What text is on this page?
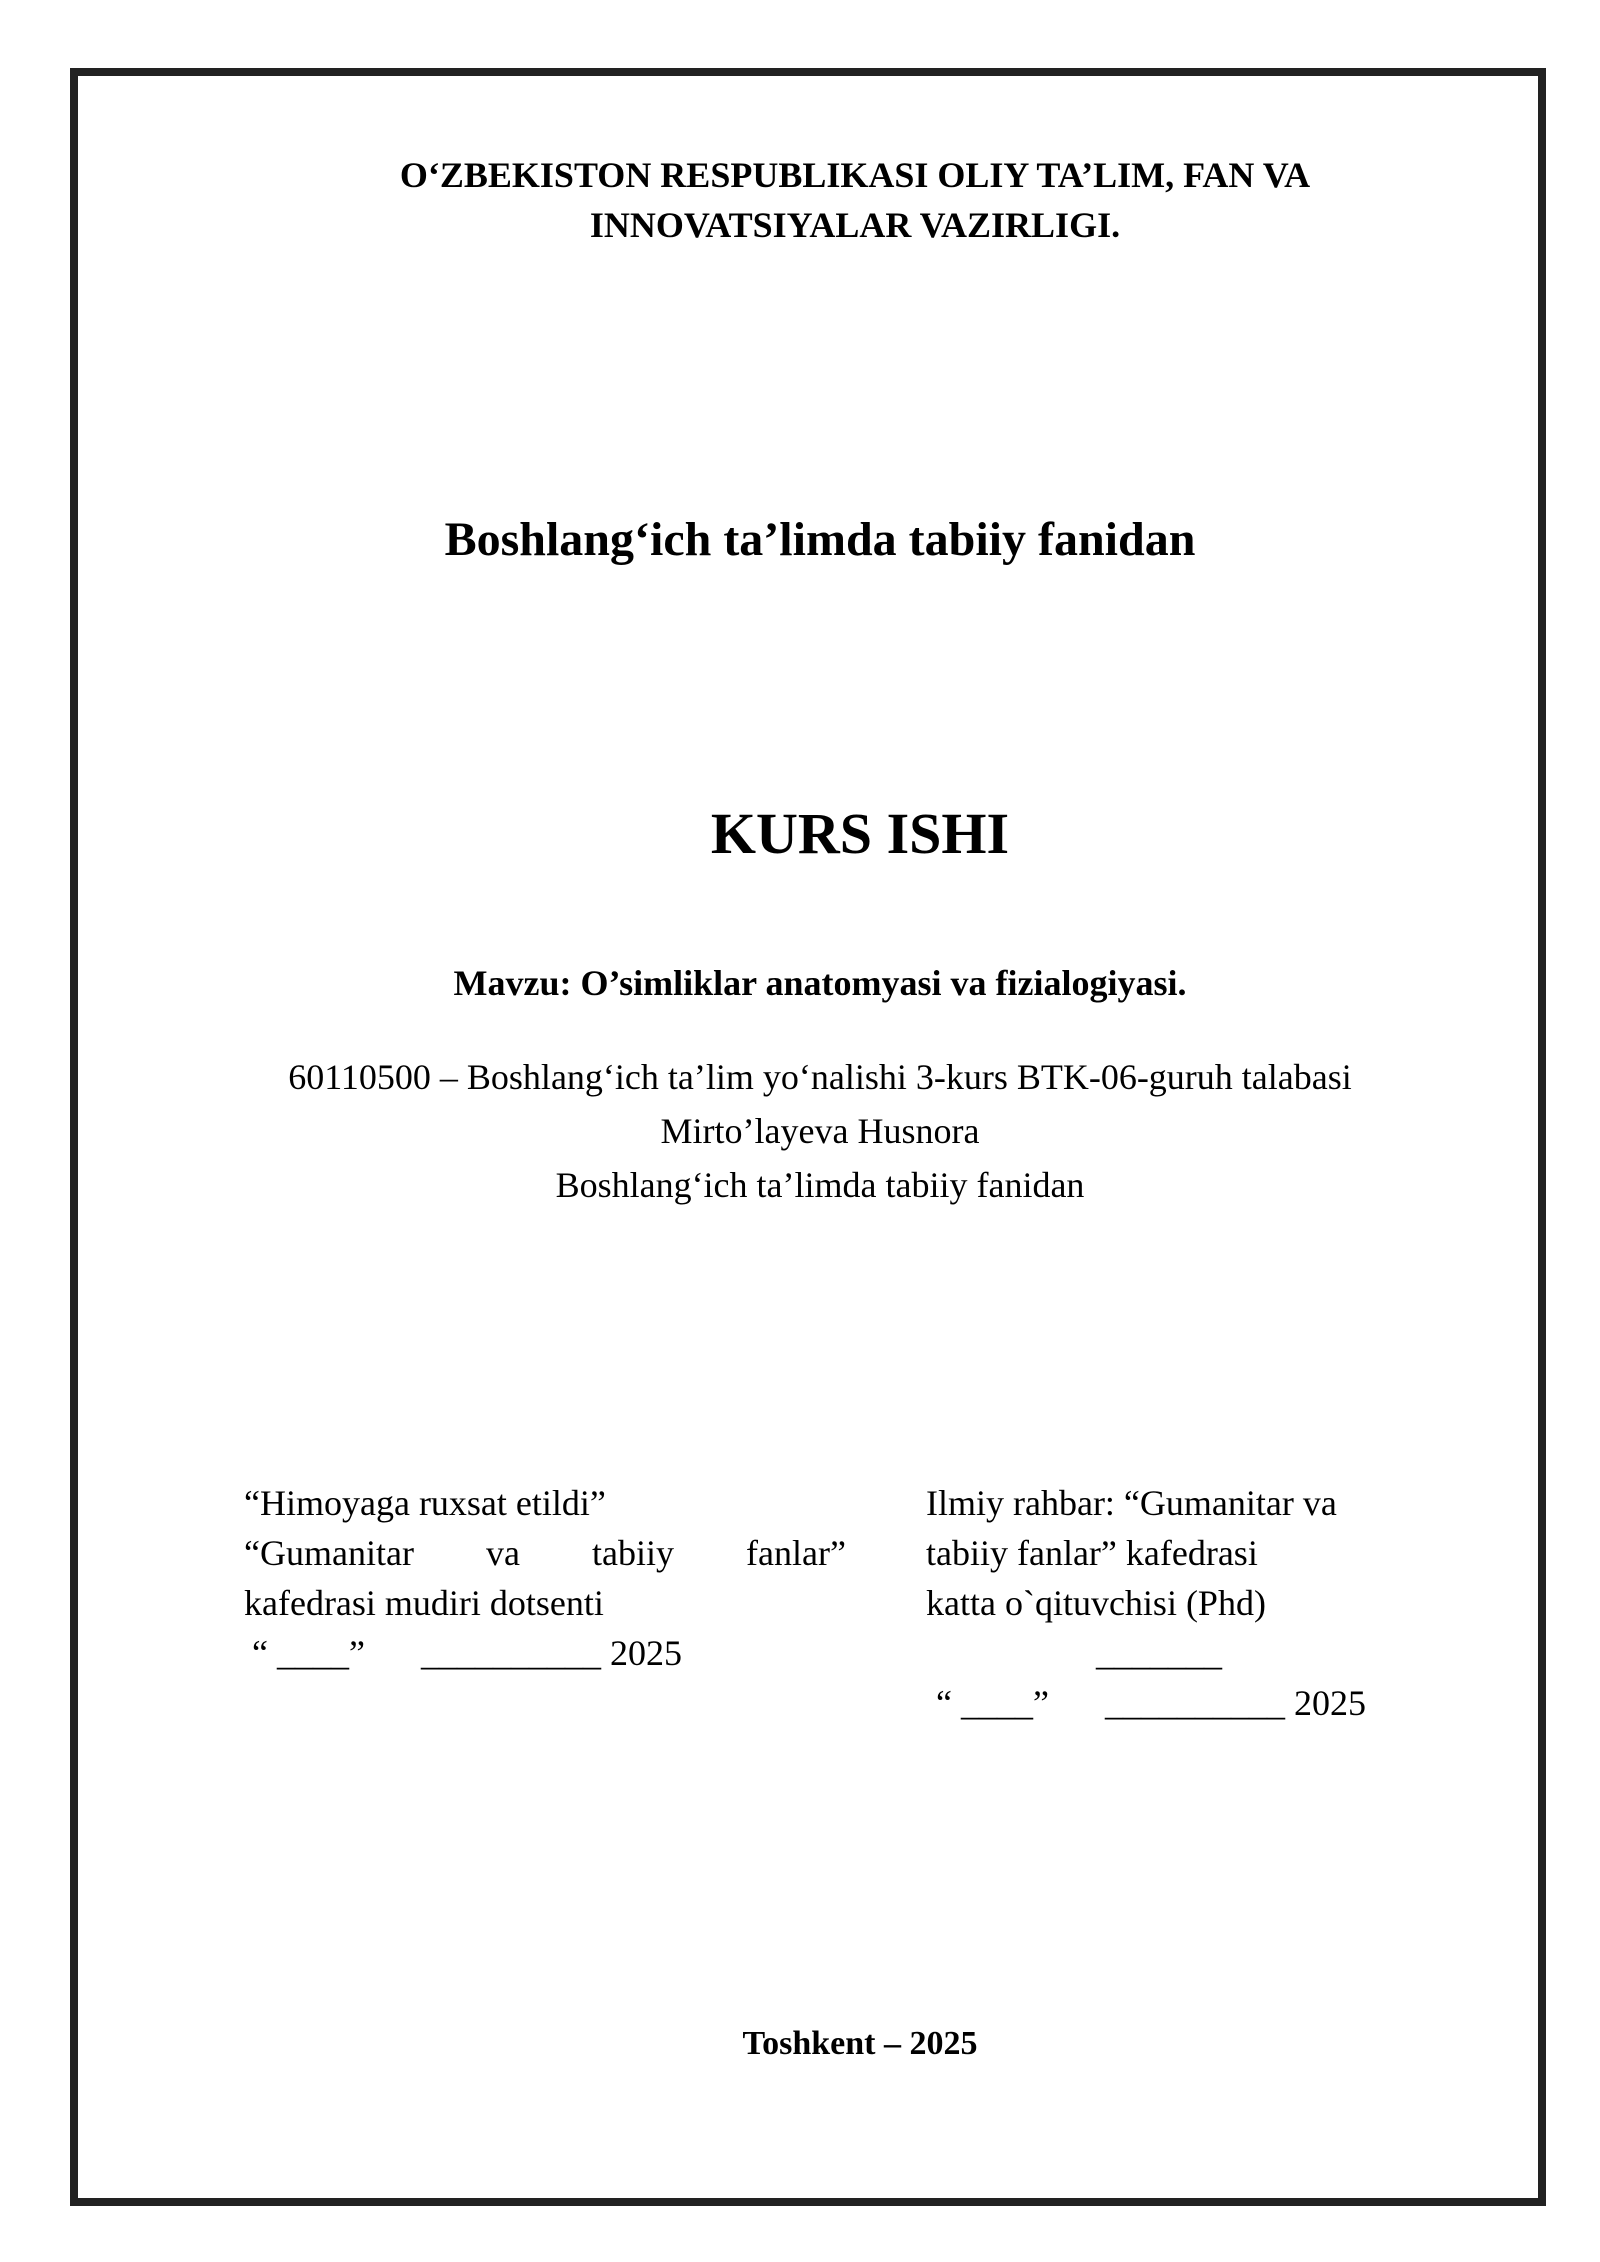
O‘ZBEKISTON RESPUBLIKASI OLIY TA’LIM, FAN VA
INNOVATSIYALAR VAZIRLIGI.
Boshlang‘ich ta’limda tabiiy fanidan
KURS ISHI
Mavzu: O’simliklar anatomyasi va fizialogiyasi.
60110500 – Boshlang‘ich ta’lim yo‘nalishi 3-kurs BTK-06-guruh talabasi
Mirto’layeva Husnora
Boshlang‘ich ta’limda tabiiy fanidan
“Himoyaga ruxsat etildi”
“Gumanitar va tabiiy fanlar”
kafedrasi mudiri dotsenti
“ ____” __________ 2025
Ilmiy rahbar: “Gumanitar va
tabiiy fanlar” kafedrasi
katta o`qituvchisi (Phd)
_______
“ ____” __________ 2025
Toshkent – 2025
